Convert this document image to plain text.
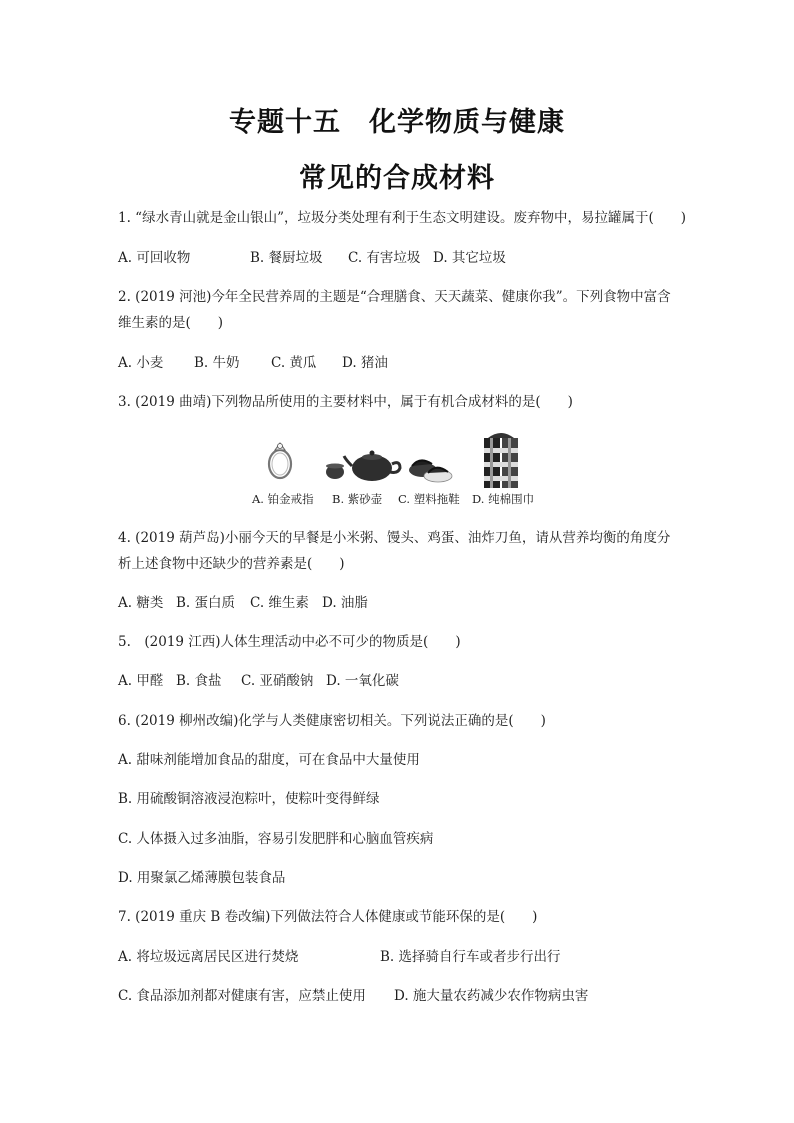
专题十五　化学物质与健康
常见的合成材料
1. “绿水青山就是金山银山”，垃圾分类处理有利于生态文明建设。废弃物中，易拉罐属于(　　)
A. 可回收物	B. 餐厨垃圾 C. 有害垃圾 D. 其它垃圾
2. (2019 河池)今年全民营养周的主题是“合理膳食、天天蔬菜、健康你我”。下列食物中富含
维生素的是(　　)
A. 小麦 B. 牛奶 C. 黄瓜 D. 猪油
3. (2019 曲靖)下列物品所使用的主要材料中，属于有机合成材料的是(　　)
A. 铂金戒指 B. 紫砂壶 C. 塑料拖鞋 D. 纯棉围巾
4. (2019 葫芦岛)小丽今天的早餐是小米粥、馒头、鸡蛋、油炸刀鱼，请从营养均衡的角度分
析上述食物中还缺少的营养素是(　　)
A. 糖类 B. 蛋白质 C. 维生素 D. 油脂
5.　(2019 江西)人体生理活动中必不可少的物质是(　　)
A. 甲醛 B. 食盐 C. 亚硝酸钠 D. 一氧化碳
6. (2019 柳州改编)化学与人类健康密切相关。下列说法正确的是(　　)
A. 甜味剂能增加食品的甜度，可在食品中大量使用
B. 用硫酸铜溶液浸泡粽叶，使粽叶变得鲜绿
C. 人体摄入过多油脂，容易引发肥胖和心脑血管疾病
D. 用聚氯乙烯薄膜包装食品
7. (2019 重庆 B 卷改编)下列做法符合人体健康或节能环保的是(　　)
A. 将垃圾远离居民区进行焚烧	B. 选择骑自行车或者步行出行
C. 食品添加剂都对健康有害，应禁止使用 D. 施大量农药减少农作物病虫害
